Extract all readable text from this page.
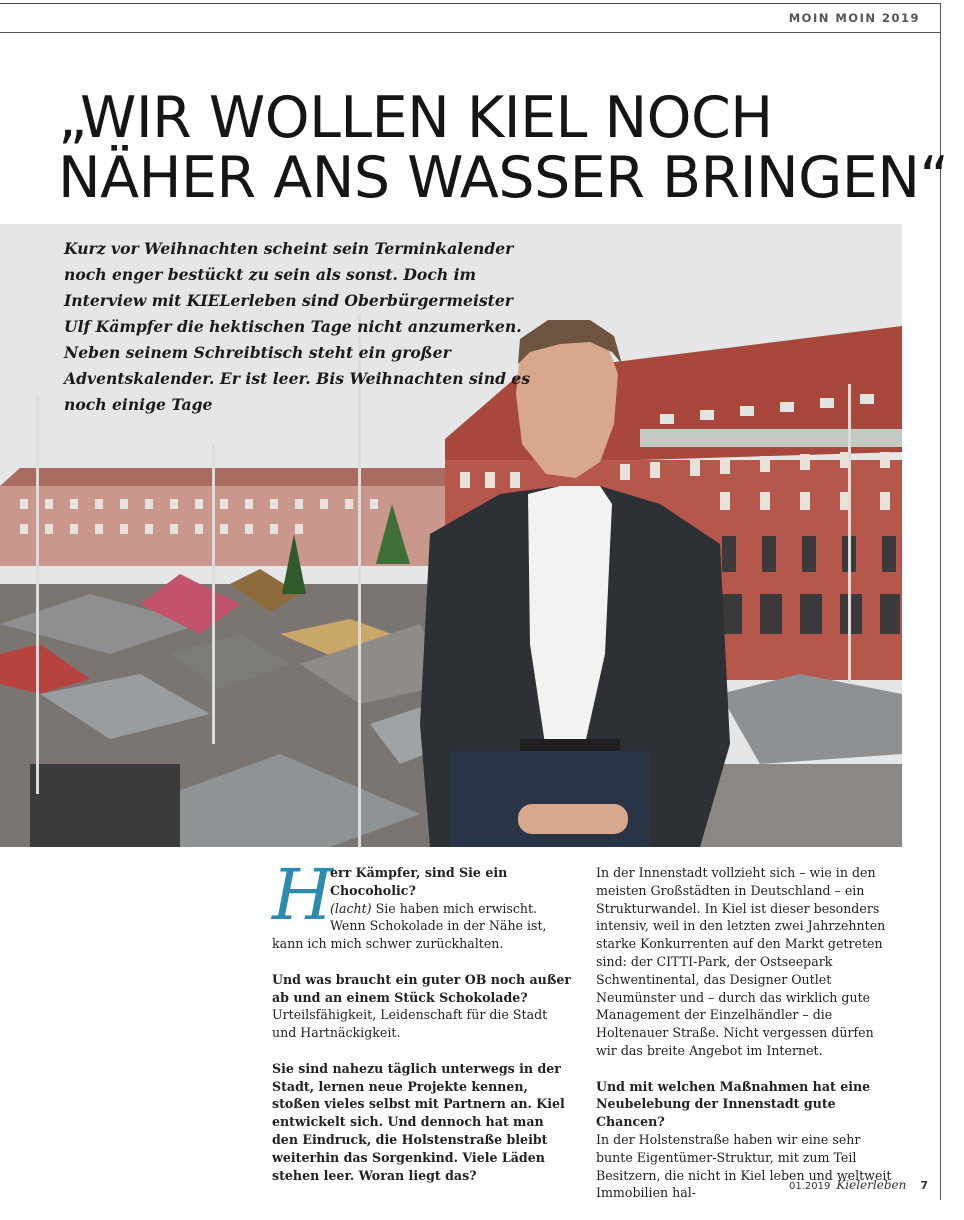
MOIN MOIN 2019
„WIR WOLLEN KIEL NOCH
NÄHER ANS WASSER BRINGEN“

Kurz vor Weihnachten scheint sein Terminkalender noch enger bestückt zu sein als sonst. Doch im Interview mit KIELerleben sind Oberbürgermeister Ulf Kämpfer die hektischen Tage nicht anzumerken. Neben seinem Schreibtisch steht ein großer Adventskalender. Er ist leer. Bis Weihnachten sind es noch einige Tage

H
err Kämpfer, sind Sie ein Chocoholic?
(lacht) Sie haben mich erwischt. Wenn Schokolade in der Nähe ist, kann ich mich schwer zurückhalten.

Und was braucht ein guter OB noch außer ab und an einem Stück Schokolade?
Urteilsfähigkeit, Leidenschaft für die Stadt und Hartnäckigkeit.

Sie sind nahezu täglich unterwegs in der Stadt, lernen neue Projekte kennen, stoßen vieles selbst mit Partnern an. Kiel entwickelt sich. Und dennoch hat man den Eindruck, die Holstenstraße bleibt weiterhin das Sorgenkind. Viele Läden stehen leer. Woran liegt das?

In der Innenstadt vollzieht sich – wie in den meisten Großstädten in Deutschland – ein Strukturwandel. In Kiel ist dieser besonders intensiv, weil in den letzten zwei Jahrzehnten starke Konkurrenten auf den Markt getreten sind: der CITTI-Park, der Ostseepark Schwentinental, das Designer Outlet Neumünster und – durch das wirklich gute Management der Einzelhändler – die Holtenauer Straße. Nicht vergessen dürfen wir das breite Angebot im Internet.

Und mit welchen Maßnahmen hat eine Neubelebung der Innenstadt gute Chancen?
In der Holstenstraße haben wir eine sehr bunte Eigentümer-Struktur, mit zum Teil Besitzern, die nicht in Kiel leben und weltweit Immobilien hal-	01.2019 Kielerleben 7
